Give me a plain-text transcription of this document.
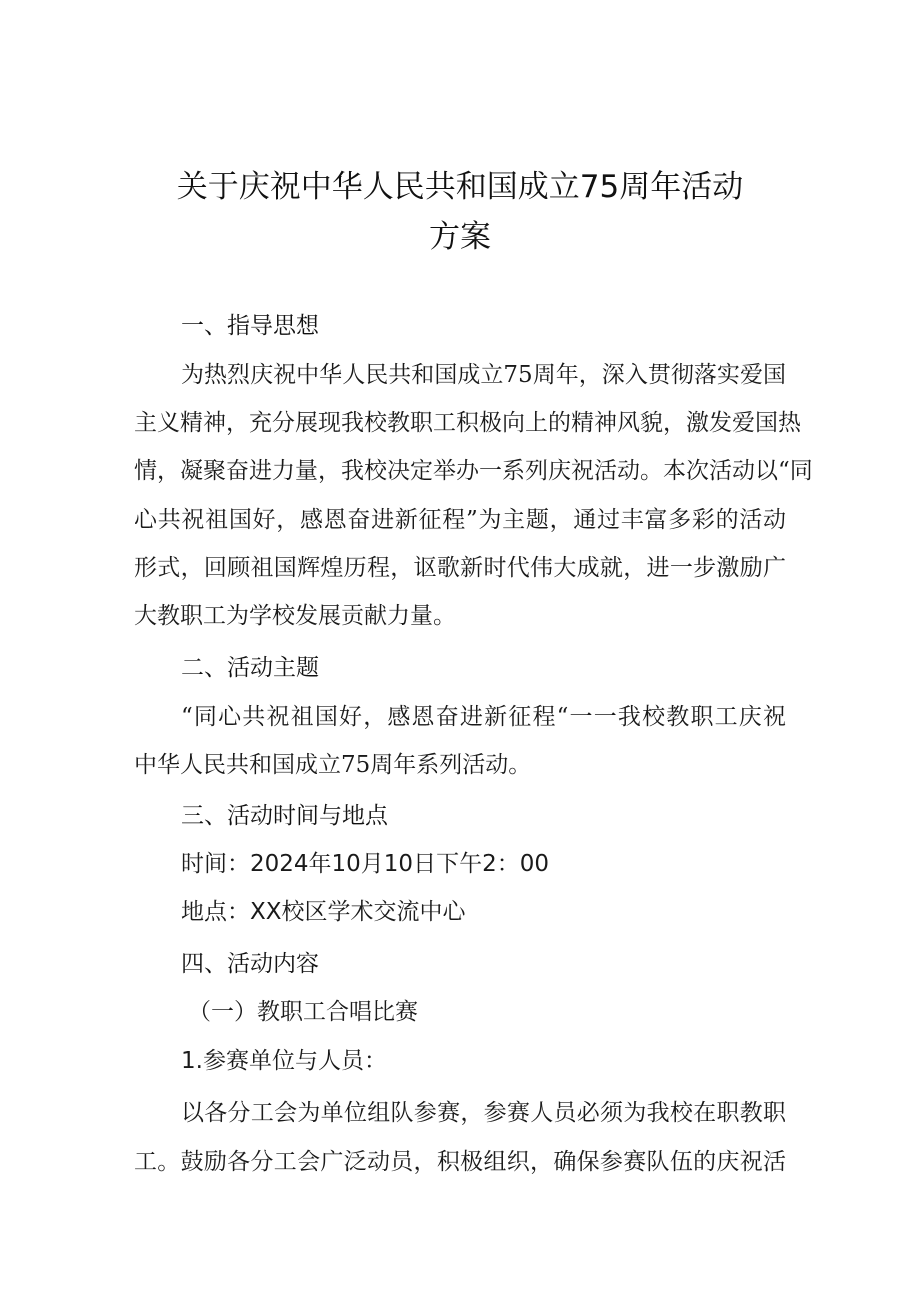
关于庆祝中华人民共和国成立75周年活动
方案
一、指导思想

为热烈庆祝中华人民共和国成立75周年，深入贯彻落实爱国

主义精神，充分展现我校教职工积极向上的精神风貌，激发爱国热

情，凝聚奋进力量，我校决定举办一系列庆祝活动。本次活动以“同

心共祝祖国好，感恩奋进新征程”为主题，通过丰富多彩的活动

形式，回顾祖国辉煌历程，讴歌新时代伟大成就，进一步激励广

大教职工为学校发展贡献力量。

二、活动主题

“同心共祝祖国好，感恩奋进新征程“一一我校教职工庆祝

中华人民共和国成立75周年系列活动。

三、活动时间与地点

时间：2024年10月10日下午2：00

地点：XX校区学术交流中心

四、活动内容

（一）教职工合唱比赛

1.参赛单位与人员：

以各分工会为单位组队参赛，参赛人员必须为我校在职教职

工。鼓励各分工会广泛动员，积极组织，确保参赛队伍的庆祝活
